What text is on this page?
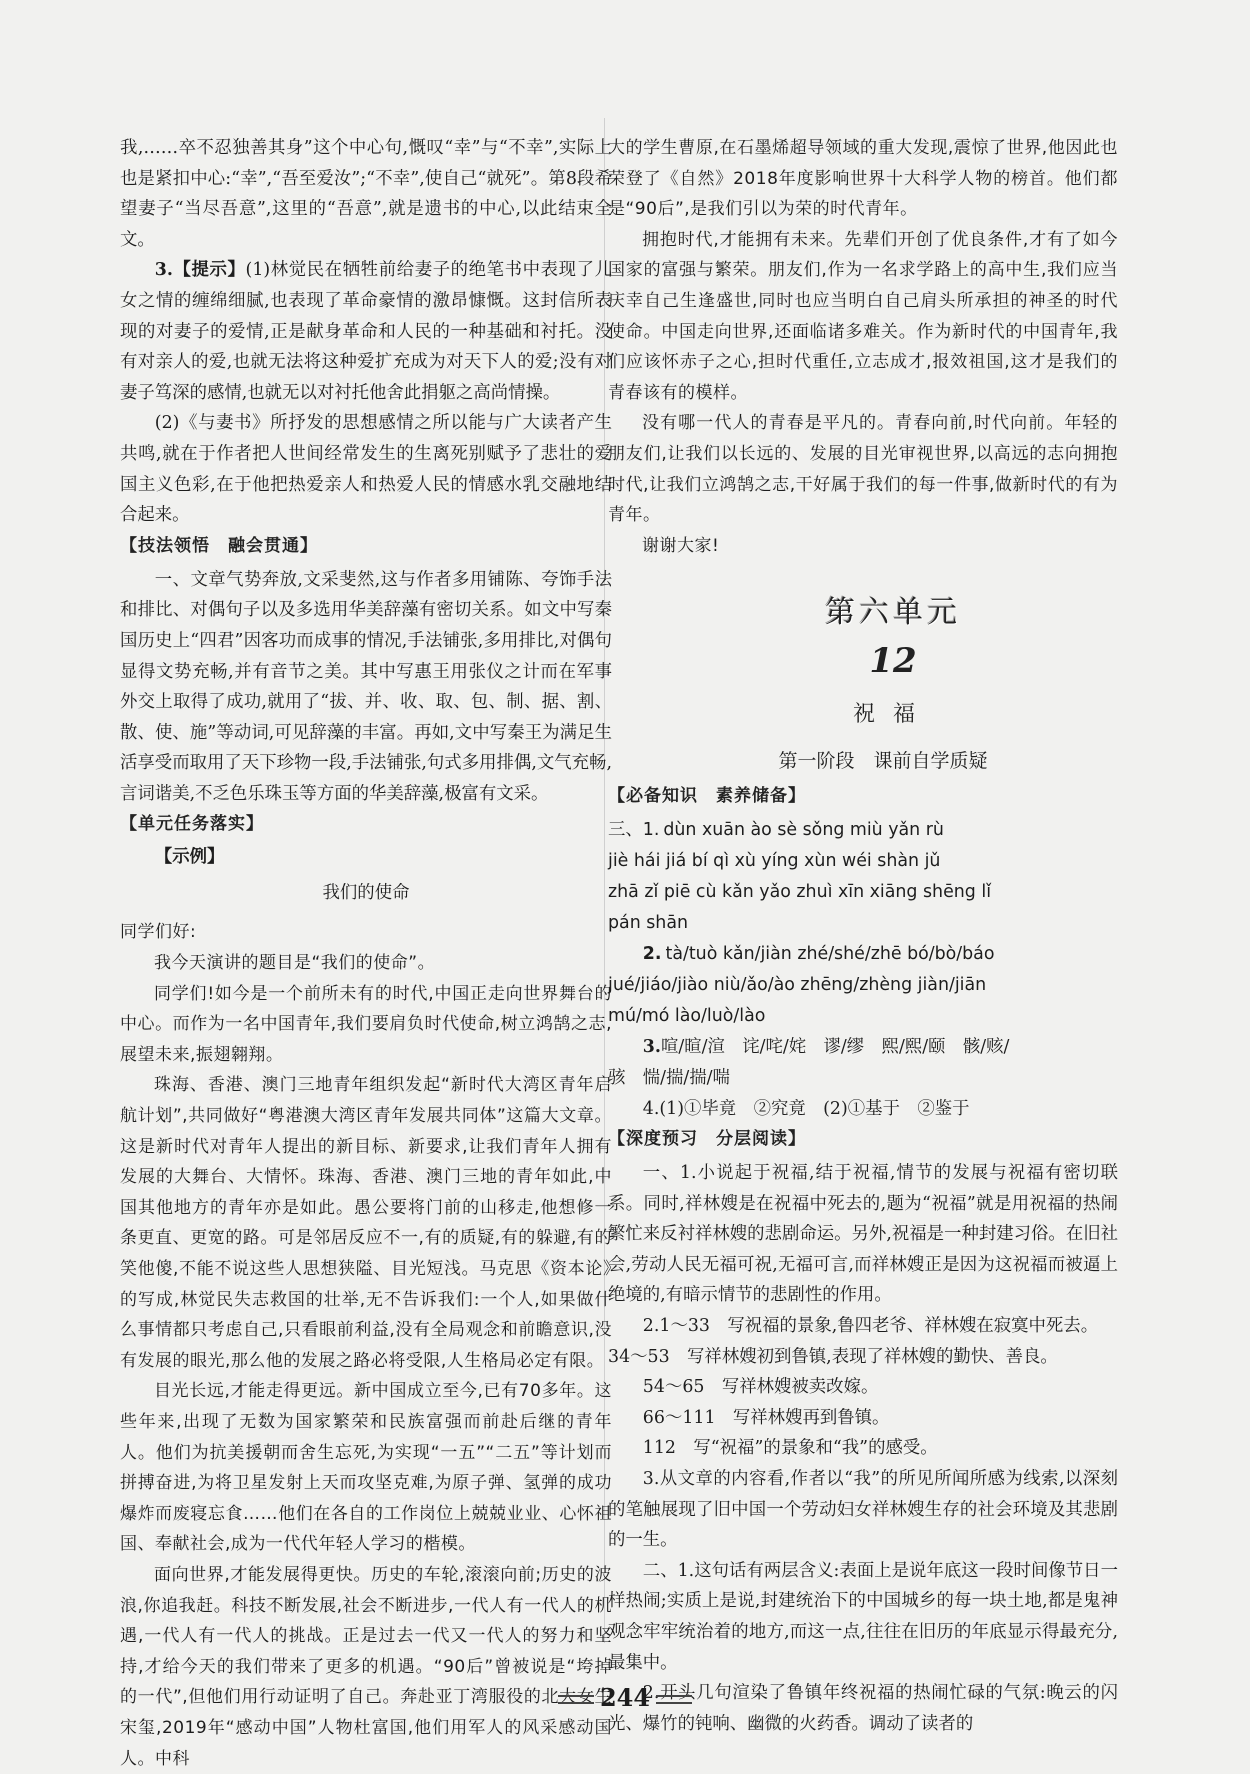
我,……卒不忍独善其身”这个中心句,慨叹“幸”与“不幸”,实际上也是紧扣中心:“幸”,“吾至爱汝”;“不幸”,使自己“就死”。第8段希望妻子“当尽吾意”,这里的“吾意”,就是遗书的中心,以此结束全文。

3.【提示】(1)林觉民在牺牲前给妻子的绝笔书中表现了儿女之情的缠绵细腻,也表现了革命豪情的激昂慷慨。这封信所表现的对妻子的爱情,正是献身革命和人民的一种基础和衬托。没有对亲人的爱,也就无法将这种爱扩充成为对天下人的爱;没有对妻子笃深的感情,也就无以对衬托他舍此捐躯之高尚情操。

(2)《与妻书》所抒发的思想感情之所以能与广大读者产生共鸣,就在于作者把人世间经常发生的生离死别赋予了悲壮的爱国主义色彩,在于他把热爱亲人和热爱人民的情感水乳交融地结合起来。

【技法领悟　融会贯通】

一、文章气势奔放,文采斐然,这与作者多用铺陈、夸饰手法和排比、对偶句子以及多选用华美辞藻有密切关系。如文中写秦国历史上“四君”因客功而成事的情况,手法铺张,多用排比,对偶句显得文势充畅,并有音节之美。其中写惠王用张仪之计而在军事外交上取得了成功,就用了“拔、并、收、取、包、制、据、割、散、使、施”等动词,可见辞藻的丰富。再如,文中写秦王为满足生活享受而取用了天下珍物一段,手法铺张,句式多用排偶,文气充畅,言词谐美,不乏色乐珠玉等方面的华美辞藻,极富有文采。

【单元任务落实】
【示例】
我们的使命

同学们好:

我今天演讲的题目是“我们的使命”。

同学们!如今是一个前所未有的时代,中国正走向世界舞台的中心。而作为一名中国青年,我们要肩负时代使命,树立鸿鹄之志,展望未来,振翅翱翔。

珠海、香港、澳门三地青年组织发起“新时代大湾区青年启航计划”,共同做好“粤港澳大湾区青年发展共同体”这篇大文章。这是新时代对青年人提出的新目标、新要求,让我们青年人拥有发展的大舞台、大情怀。珠海、香港、澳门三地的青年如此,中国其他地方的青年亦是如此。愚公要将门前的山移走,他想修一条更直、更宽的路。可是邻居反应不一,有的质疑,有的躲避,有的笑他傻,不能不说这些人思想狭隘、目光短浅。马克思《资本论》的写成,林觉民失志救国的壮举,无不告诉我们:一个人,如果做什么事情都只考虑自己,只看眼前利益,没有全局观念和前瞻意识,没有发展的眼光,那么他的发展之路必将受限,人生格局必定有限。

目光长远,才能走得更远。新中国成立至今,已有70多年。这些年来,出现了无数为国家繁荣和民族富强而前赴后继的青年人。他们为抗美援朝而舍生忘死,为实现“一五”“二五”等计划而拼搏奋进,为将卫星发射上天而攻坚克难,为原子弹、氢弹的成功爆炸而废寝忘食……他们在各自的工作岗位上兢兢业业、心怀祖国、奉献社会,成为一代代年轻人学习的楷模。

面向世界,才能发展得更快。历史的车轮,滚滚向前;历史的波浪,你追我赶。科技不断发展,社会不断进步,一代人有一代人的机遇,一代人有一代人的挑战。正是过去一代又一代人的努力和坚持,才给今天的我们带来了更多的机遇。“90后”曾被说是“垮掉的一代”,但他们用行动证明了自己。奔赴亚丁湾服役的北大女生宋玺,2019年“感动中国”人物杜富国,他们用军人的风采感动国人。中科

大的学生曹原,在石墨烯超导领域的重大发现,震惊了世界,他因此也荣登了《自然》2018年度影响世界十大科学人物的榜首。他们都是“90后”,是我们引以为荣的时代青年。

拥抱时代,才能拥有未来。先辈们开创了优良条件,才有了如今国家的富强与繁荣。朋友们,作为一名求学路上的高中生,我们应当庆幸自己生逢盛世,同时也应当明白自己肩头所承担的神圣的时代使命。中国走向世界,还面临诸多难关。作为新时代的中国青年,我们应该怀赤子之心,担时代重任,立志成才,报效祖国,这才是我们的青春该有的模样。

没有哪一代人的青春是平凡的。青春向前,时代向前。年轻的朋友们,让我们以长远的、发展的目光审视世界,以高远的志向拥抱时代,让我们立鸿鹄之志,干好属于我们的每一件事,做新时代的有为青年。

谢谢大家!

第六单元
12
祝福
第一阶段　课前自学质疑
【必备知识　素养储备】
三、1. dùn xuān ào sè sǒng miù yǎn rù
jiè hái jiá bí qì xù yíng xùn wéi shàn jǔ
zhā zǐ piē cù kǎn yǎo zhuì xīn xiāng shēng lǐ
pán shān
2. tà/tuò kǎn/jiàn zhé/shé/zhē bó/bò/báo
jué/jiáo/jiào niù/ǎo/ào zhēng/zhèng jiàn/jiān
mú/mó lào/luò/lào

3.喧/暄/渲　诧/咤/姹　谬/缪　熙/熙/颐　骸/赅/

骇　惴/揣/揣/喘

4.(1)①毕竟　②究竟　(2)①基于　②鉴于

【深度预习　分层阅读】

一、1.小说起于祝福,结于祝福,情节的发展与祝福有密切联系。同时,祥林嫂是在祝福中死去的,题为“祝福”就是用祝福的热闹繁忙来反衬祥林嫂的悲剧命运。另外,祝福是一种封建习俗。在旧社会,劳动人民无福可祝,无福可言,而祥林嫂正是因为这祝福而被逼上绝境的,有暗示情节的悲剧性的作用。

2.1～33　写祝福的景象,鲁四老爷、祥林嫂在寂寞中死去。

34～53　写祥林嫂初到鲁镇,表现了祥林嫂的勤快、善良。

54～65　写祥林嫂被卖改嫁。

66～111　写祥林嫂再到鲁镇。

112　写“祝福”的景象和“我”的感受。

3.从文章的内容看,作者以“我”的所见所闻所感为线索,以深刻的笔触展现了旧中国一个劳动妇女祥林嫂生存的社会环境及其悲剧的一生。

二、1.这句话有两层含义:表面上是说年底这一段时间像节日一样热闹;实质上是说,封建统治下的中国城乡的每一块土地,都是鬼神观念牢牢统治着的地方,而这一点,往往在旧历的年底显示得最充分,最集中。

2.开头几句渲染了鲁镇年终祝福的热闹忙碌的气氛:晚云的闪光、爆竹的钝响、幽微的火药香。调动了读者的

244
